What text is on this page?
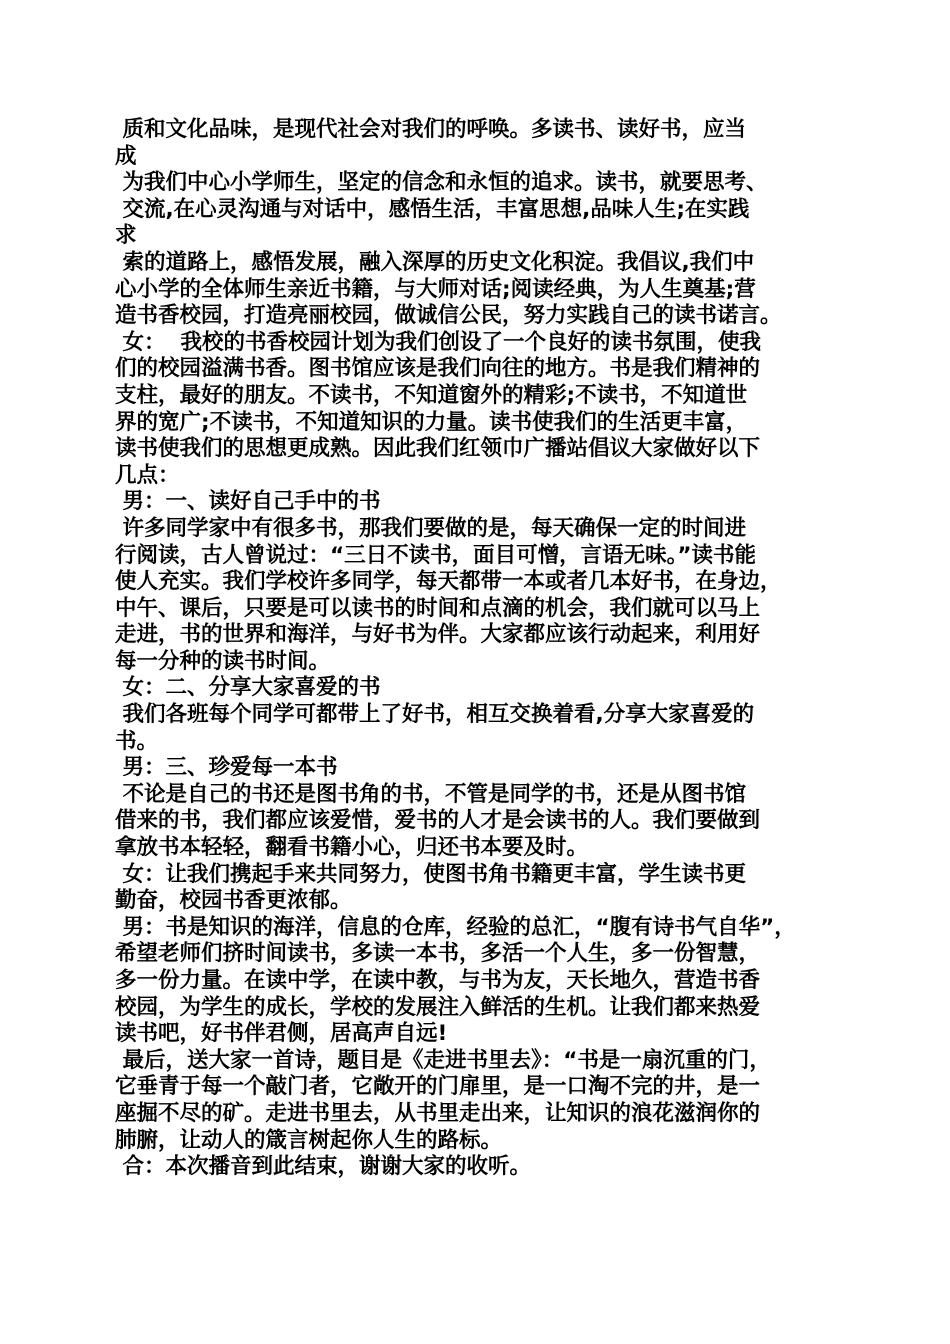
质和文化品味，是现代社会对我们的呼唤。多读书、读好书，应当
成
为我们中心小学师生，坚定的信念和永恒的追求。读书，就要思考、
交流,在心灵沟通与对话中，感悟生活，丰富思想,品味人生;在实践
求
索的道路上，感悟发展，融入深厚的历史文化积淀。我倡议,我们中
心小学的全体师生亲近书籍，与大师对话;阅读经典，为人生奠基;营
造书香校园，打造亮丽校园，做诚信公民，努力实践自己的读书诺言。
女：  我校的书香校园计划为我们创设了一个良好的读书氛围，使我
们的校园溢满书香。图书馆应该是我们向往的地方。书是我们精神的
支柱，最好的朋友。不读书，不知道窗外的精彩;不读书，不知道世
界的宽广;不读书，不知道知识的力量。读书使我们的生活更丰富，
读书使我们的思想更成熟。因此我们红领巾广播站倡议大家做好以下
几点：
男：一、读好自己手中的书
许多同学家中有很多书，那我们要做的是，每天确保一定的时间进
行阅读，古人曾说过：“三日不读书，面目可憎，言语无味。”读书能
使人充实。我们学校许多同学，每天都带一本或者几本好书，在身边，
中午、课后，只要是可以读书的时间和点滴的机会，我们就可以马上
走进，书的世界和海洋，与好书为伴。大家都应该行动起来，利用好
每一分种的读书时间。
女：二、分享大家喜爱的书
我们各班每个同学可都带上了好书，相互交换着看,分享大家喜爱的
书。
男：三、珍爱每一本书
不论是自己的书还是图书角的书，不管是同学的书，还是从图书馆
借来的书，我们都应该爱惜，爱书的人才是会读书的人。我们要做到
拿放书本轻轻，翻看书籍小心，归还书本要及时。
女：让我们携起手来共同努力，使图书角书籍更丰富，学生读书更
勤奋，校园书香更浓郁。
男：书是知识的海洋，信息的仓库，经验的总汇，“腹有诗书气自华”，
希望老师们挤时间读书，多读一本书，多活一个人生，多一份智慧，
多一份力量。在读中学，在读中教，与书为友，天长地久，营造书香
校园，为学生的成长，学校的发展注入鲜活的生机。让我们都来热爱
读书吧，好书伴君侧，居高声自远!
最后，送大家一首诗，题目是《走进书里去》：“书是一扇沉重的门，
它垂青于每一个敲门者，它敞开的门扉里，是一口淘不完的井，是一
座掘不尽的矿。走进书里去，从书里走出来，让知识的浪花滋润你的
肺腑，让动人的箴言树起你人生的路标。
合：本次播音到此结束，谢谢大家的收听。
